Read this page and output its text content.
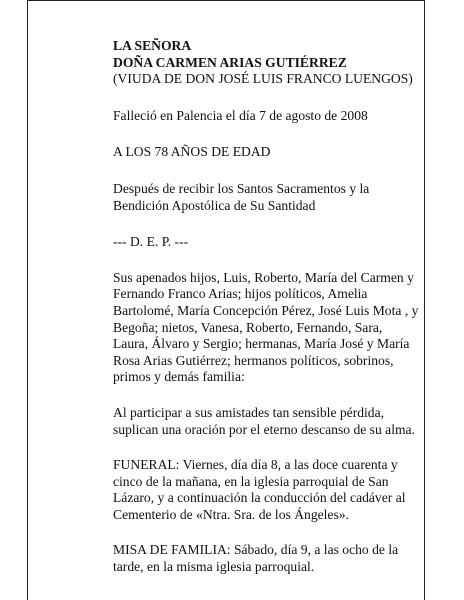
LA SEÑORA
DOÑA CARMEN ARIAS GUTIÉRREZ
(VIUDA DE DON JOSÉ LUIS FRANCO LUENGOS)

Falleció en Palencia el día 7 de agosto de 2008

A LOS 78 AÑOS DE EDAD

Después de recibir los Santos Sacramentos y la
Bendición Apostólica de Su Santidad

--- D. E. P. ---

Sus apenados hijos, Luis, Roberto, María del Carmen y
Fernando Franco Arias; hijos políticos, Amelia
Bartolomé, María Concepción Pérez, José Luis Mota , y
Begoña; nietos, Vanesa, Roberto, Fernando, Sara,
Laura, Álvaro y Sergio; hermanas, María José y María
Rosa Arias Gutiérrez; hermanos políticos, sobrinos,
primos y demás familia:

Al participar a sus amistades tan sensible pérdida,
suplican una oración por el eterno descanso de su alma.

FUNERAL: Viernes, día día 8, a las doce cuarenta y
cinco de la mañana, en la iglesia parroquial de San
Lázaro, y a continuación la conducción del cadáver al
Cementerio de «Ntra. Sra. de los Ángeles».

MISA DE FAMILIA: Sábado, día 9, a las ocho de la
tarde, en la misma iglesia parroquial.
